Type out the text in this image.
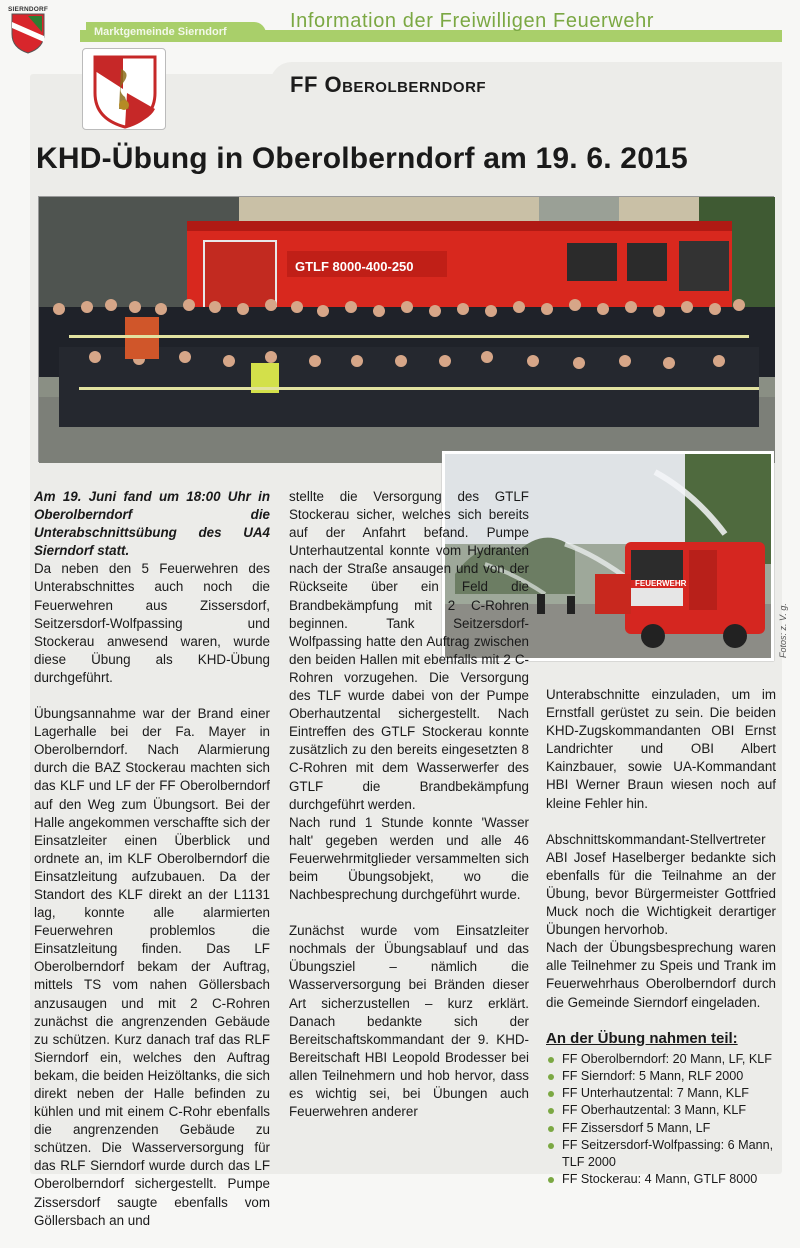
SIERNDORF
Marktgemeinde Sierndorf	Information der Freiwilligen Feuerwehr
FF Oberolberndorf
KHD-Übung in Oberolberndorf am 19. 6. 2015
GTLF 8000-400-250
FEUERWEHR
Fotos: z. V. g.

Am 19. Juni fand um 18:00 Uhr in Oberolberndorf die Unterabschnittsübung des UA4 Sierndorf statt.

Da neben den 5 Feuerwehren des Unterabschnittes auch noch die Feuerwehren aus Zissersdorf, Seitzersdorf-Wolfpassing und Stockerau anwesend waren, wurde diese Übung als KHD-Übung durchgeführt.

Übungsannahme war der Brand einer Lagerhalle bei der Fa. Mayer in Oberolberndorf. Nach Alarmierung durch die BAZ Stockerau machten sich das KLF und LF der FF Oberolberndorf auf den Weg zum Übungsort. Bei der Halle angekommen verschaffte sich der Einsatzleiter einen Überblick und ordnete an, im KLF Oberolberndorf die Einsatzleitung aufzubauen. Da der Standort des KLF direkt an der L1131 lag, konnte alle alarmierten Feuerwehren problemlos die Einsatzleitung finden. Das LF Oberolberndorf bekam der Auftrag, mittels TS vom nahen Göllersbach anzusaugen und mit 2 C-Rohren zunächst die angrenzenden Gebäude zu schützen. Kurz danach traf das RLF Sierndorf ein, welches den Auftrag bekam, die beiden Heizöltanks, die sich direkt neben der Halle befinden zu kühlen und mit einem C-Rohr ebenfalls die angrenzenden Gebäude zu schützen. Die Wasserversorgung für das RLF Sierndorf wurde durch das LF Oberolberndorf sichergestellt. Pumpe Zissersdorf saugte ebenfalls vom Göllersbach an und

stellte die Versorgung des GTLF Stockerau sicher, welches sich bereits auf der Anfahrt befand. Pumpe Unterhautzental konnte vom Hydranten nach der Straße ansaugen und von der Rückseite über ein Feld die Brandbekämpfung mit 2 C-Rohren beginnen. Tank Seitzersdorf-Wolfpassing hatte den Auftrag zwischen den beiden Hallen mit ebenfalls mit 2 C-Rohren vorzugehen. Die Versorgung des TLF wurde dabei von der Pumpe Oberhautzental sichergestellt. Nach Eintreffen des GTLF Stockerau konnte zusätzlich zu den bereits eingesetzten 8 C-Rohren mit dem Wasserwerfer des GTLF die Brandbekämpfung durchgeführt werden.

Nach rund 1 Stunde konnte 'Wasser halt' gegeben werden und alle 46 Feuerwehrmitglieder versammelten sich beim Übungsobjekt, wo die Nachbesprechung durchgeführt wurde.

Zunächst wurde vom Einsatzleiter nochmals der Übungsablauf und das Übungsziel – nämlich die Wasserversorgung bei Bränden dieser Art sicherzustellen – kurz erklärt. Danach bedankte sich der Bereitschaftskommandant der 9. KHD-Bereitschaft HBI Leopold Brodesser bei allen Teilnehmern und hob hervor, dass es wichtig sei, bei Übungen auch Feuerwehren anderer

Unterabschnitte einzuladen, um im Ernstfall gerüstet zu sein. Die beiden KHD-Zugskommandanten OBI Ernst Landrichter und OBI Albert Kainzbauer, sowie UA-Kommandant HBI Werner Braun wiesen noch auf kleine Fehler hin.

Abschnittskommandant-Stellvertreter ABI Josef Haselberger bedankte sich ebenfalls für die Teilnahme an der Übung, bevor Bürgermeister Gottfried Muck noch die Wichtigkeit derartiger Übungen hervorhob.

Nach der Übungsbesprechung waren alle Teilnehmer zu Speis und Trank im Feuerwehrhaus Oberolberndorf durch die Gemeinde Sierndorf eingeladen.

An der Übung nahmen teil:
FF Oberolberndorf: 20 Mann, LF, KLF
FF Sierndorf: 5 Mann, RLF 2000
FF Unterhautzental: 7 Mann, KLF
FF Oberhautzental: 3 Mann, KLF
FF Zissersdorf 5 Mann, LF
FF Seitzersdorf-Wolfpassing: 6 Mann, TLF 2000
FF Stockerau: 4 Mann, GTLF 8000
